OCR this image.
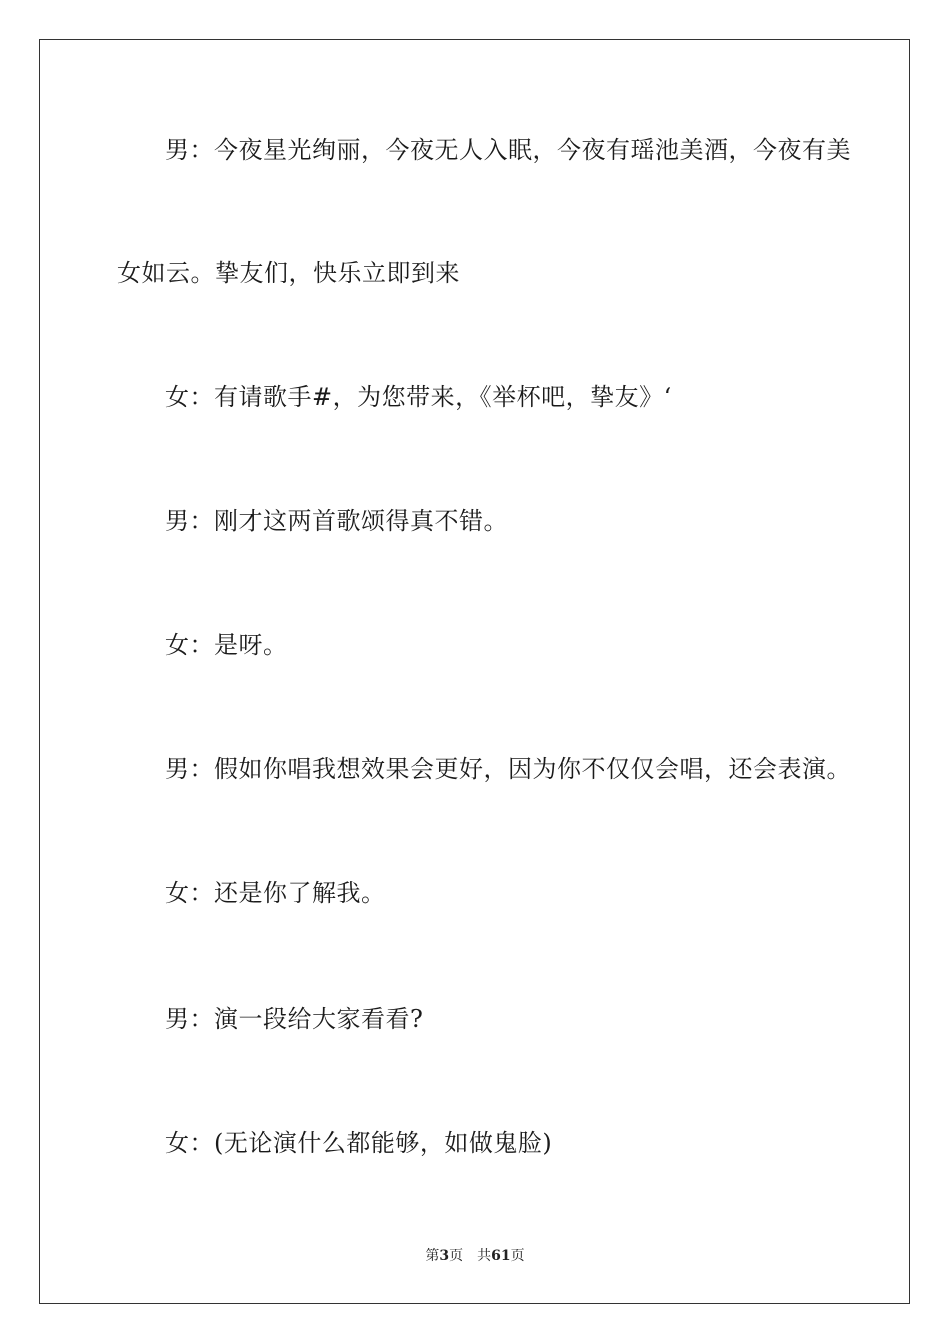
男：今夜星光绚丽，今夜无人入眠，今夜有瑶池美酒，今夜有美
女如云。挚友们，快乐立即到来
女：有请歌手#，为您带来，《举杯吧，挚友》‘
男：刚才这两首歌颂得真不错。
女：是呀。
男：假如你唱我想效果会更好，因为你不仅仅会唱，还会表演。
女：还是你了解我。
男：演一段给大家看看?
女：(无论演什么都能够，如做鬼脸)
第3页 共61页
